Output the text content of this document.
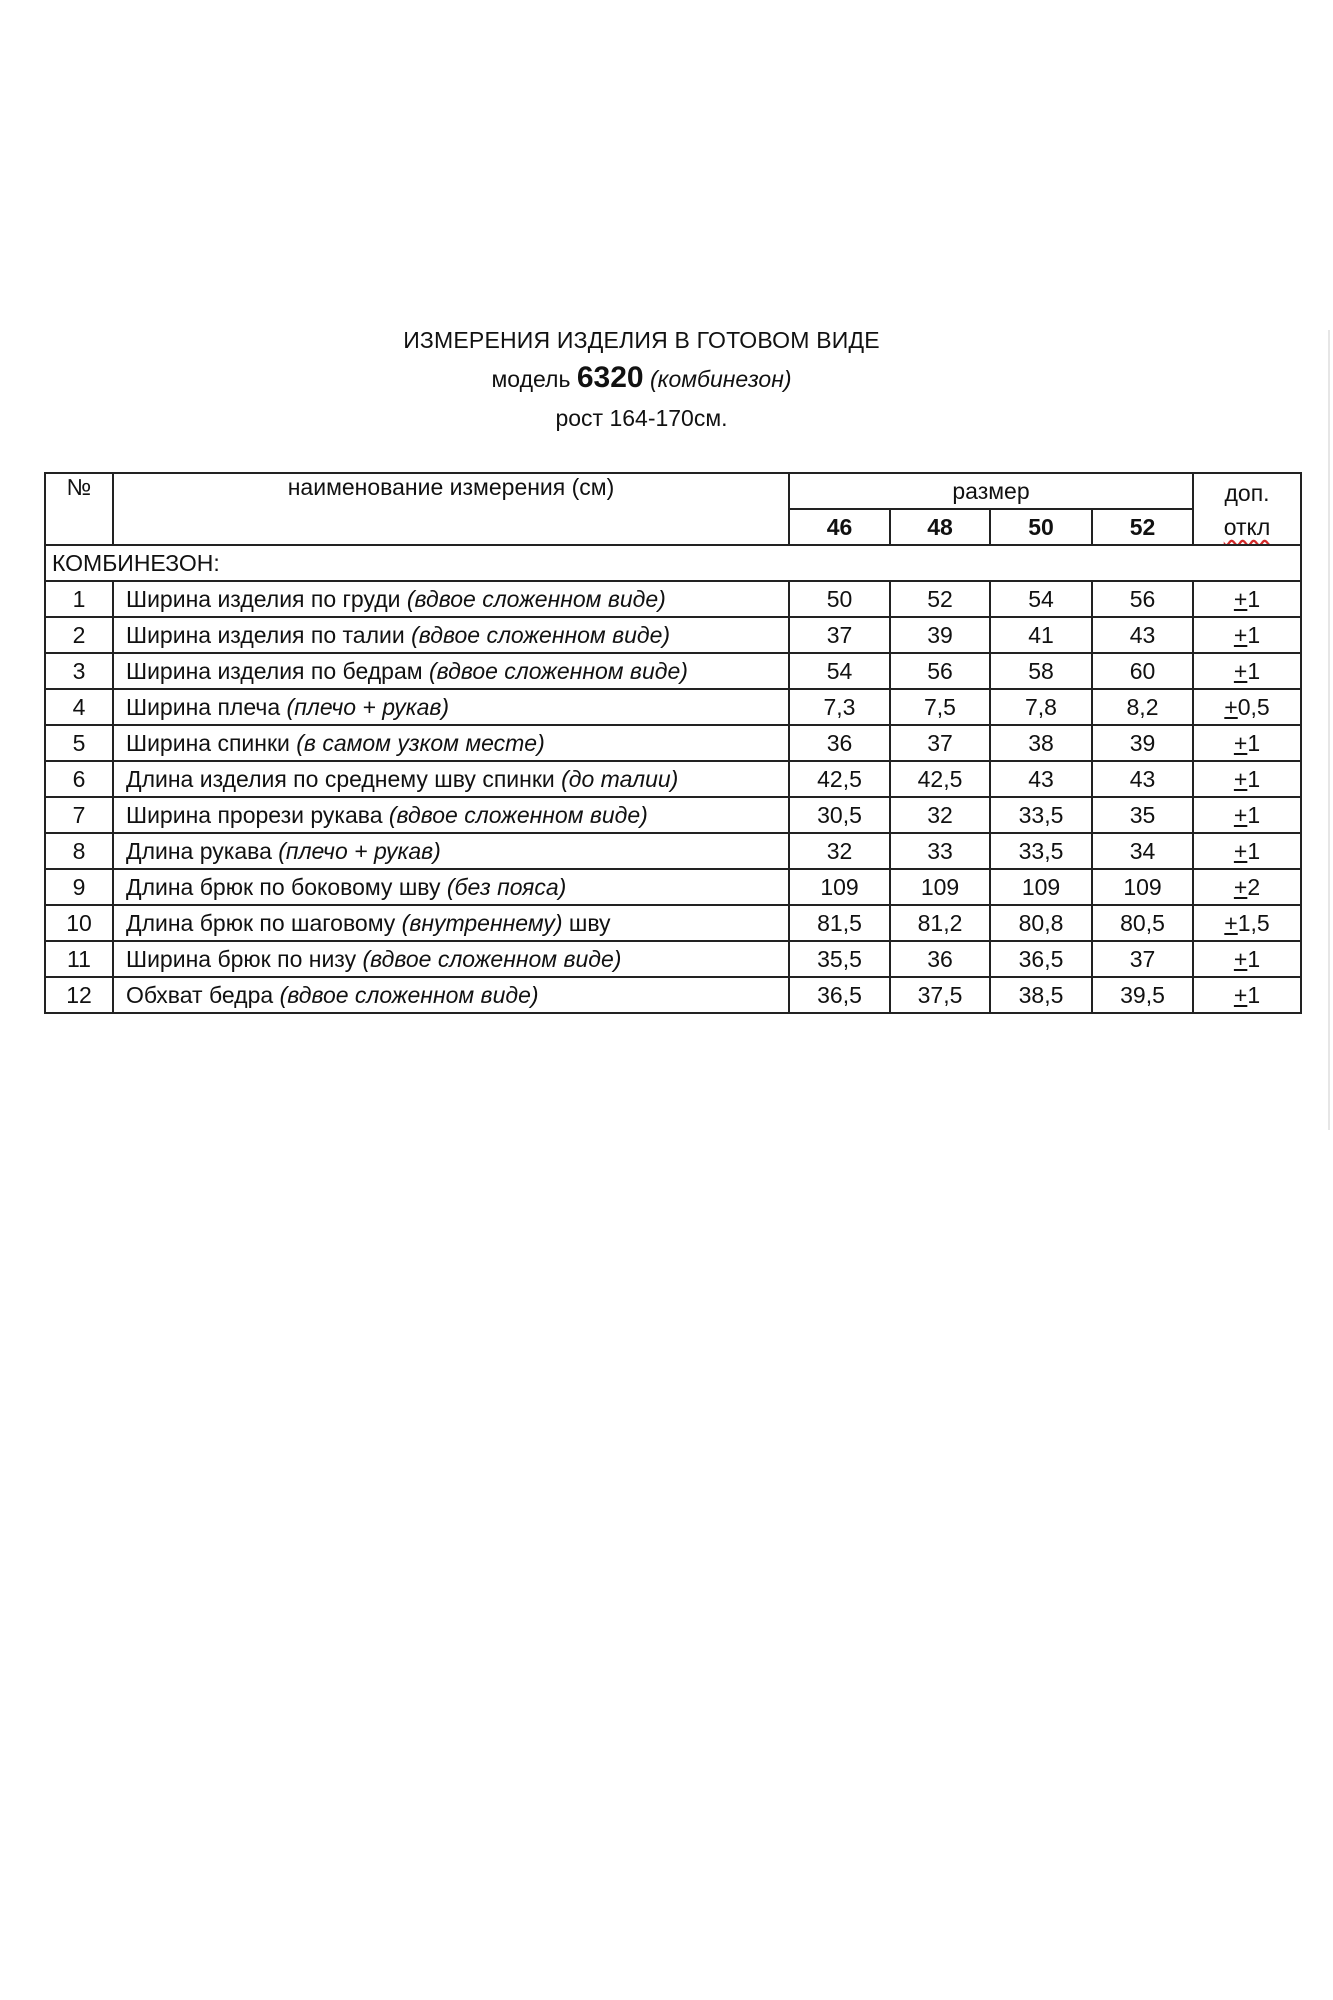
ИЗМЕРЕНИЯ ИЗДЕЛИЯ В ГОТОВОМ ВИДЕ
модель 6320 (комбинезон)
рост 164-170см.
№	наименование измерения (см)	размер				доп.
откл

		46	48	50	52	
КОМБИНЕЗОН:						
1	Ширина изделия по груди (вдвое сложенном виде)	50	52	54	56	+1
2	Ширина изделия по талии (вдвое сложенном виде)	37	39	41	43	+1
3	Ширина изделия по бедрам (вдвое сложенном виде)	54	56	58	60	+1
4	Ширина плеча (плечо + рукав)	7,3	7,5	7,8	8,2	+0,5
5	Ширина спинки (в самом узком месте)	36	37	38	39	+1
6	Длина изделия по среднему шву спинки (до талии)	42,5	42,5	43	43	+1
7	Ширина прорези рукава (вдвое сложенном виде)	30,5	32	33,5	35	+1
8	Длина рукава (плечо + рукав)	32	33	33,5	34	+1
9	Длина брюк по боковому шву (без пояса)	109	109	109	109	+2
10	Длина брюк по шаговому (внутреннему) шву	81,5	81,2	80,8	80,5	+1,5
11	Ширина брюк по низу (вдвое сложенном виде)	35,5	36	36,5	37	+1
12	Обхват бедра (вдвое сложенном виде)	36,5	37,5	38,5	39,5	+1
